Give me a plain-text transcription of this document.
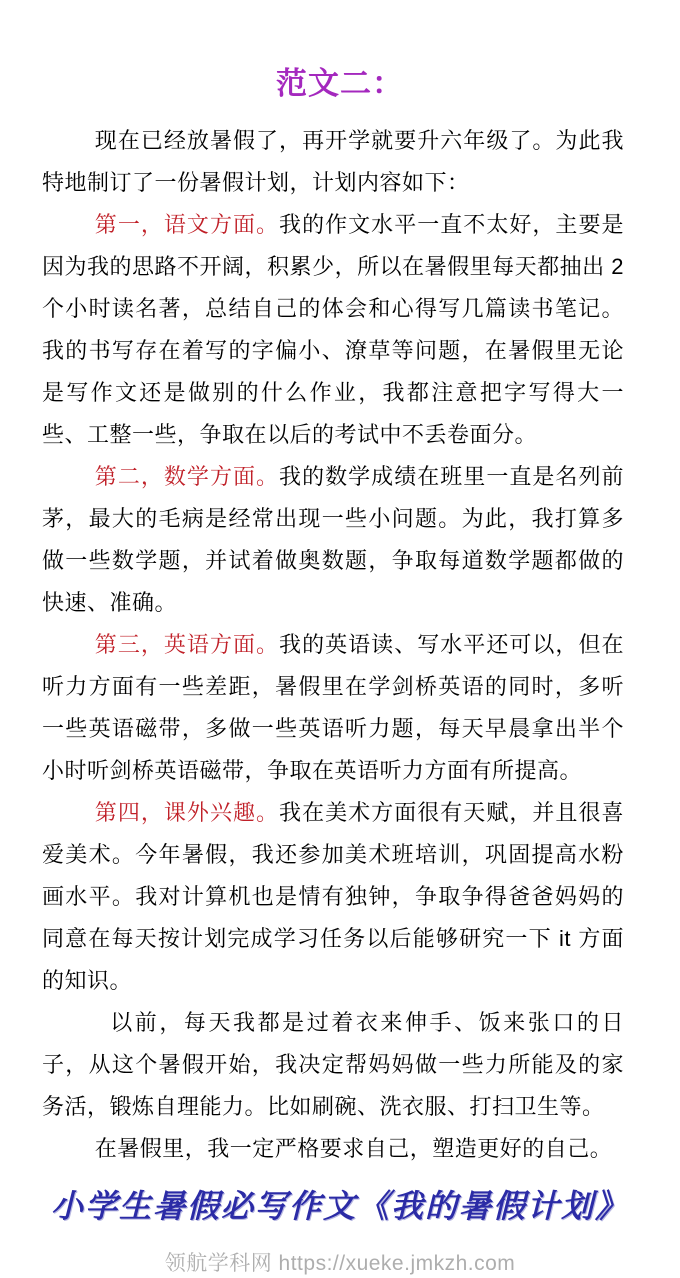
范文二：

现在已经放暑假了，再开学就要升六年级了。为此我特地制订了一份暑假计划，计划内容如下：

第一，语文方面。我的作文水平一直不太好，主要是因为我的思路不开阔，积累少，所以在暑假里每天都抽出 2 个小时读名著，总结自己的体会和心得写几篇读书笔记。我的书写存在着写的字偏小、潦草等问题，在暑假里无论是写作文还是做别的什么作业，我都注意把字写得大一些、工整一些，争取在以后的考试中不丢卷面分。

第二，数学方面。我的数学成绩在班里一直是名列前茅，最大的毛病是经常出现一些小问题。为此，我打算多做一些数学题，并试着做奥数题，争取每道数学题都做的快速、准确。

第三，英语方面。我的英语读、写水平还可以，但在听力方面有一些差距，暑假里在学剑桥英语的同时，多听一些英语磁带，多做一些英语听力题，每天早晨拿出半个小时听剑桥英语磁带，争取在英语听力方面有所提高。

第四，课外兴趣。我在美术方面很有天赋，并且很喜爱美术。今年暑假，我还参加美术班培训，巩固提高水粉画水平。我对计算机也是情有独钟，争取争得爸爸妈妈的同意在每天按计划完成学习任务以后能够研究一下 it 方面的知识。

以前，每天我都是过着衣来伸手、饭来张口的日子，从这个暑假开始，我决定帮妈妈做一些力所能及的家务活，锻炼自理能力。比如刷碗、洗衣服、打扫卫生等。

在暑假里，我一定严格要求自己，塑造更好的自己。

小学生暑假必写作文《我的暑假计划》
领航学科网 https://xueke.jmkzh.com
